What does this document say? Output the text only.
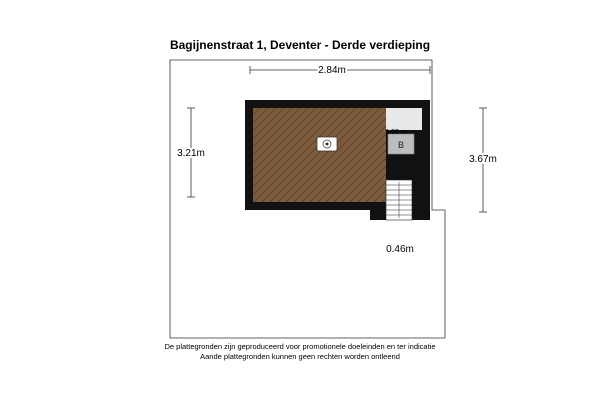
Bagijnenstraat 1, Deventer - Derde verdieping
2.84m
3.21m
3.67m
B
1.00 m
0.46m
De plattegronden zijn geproduceerd voor promotionele doeleinden en ter indicatie
Aande plattegronden kunnen geen rechten worden ontleend
